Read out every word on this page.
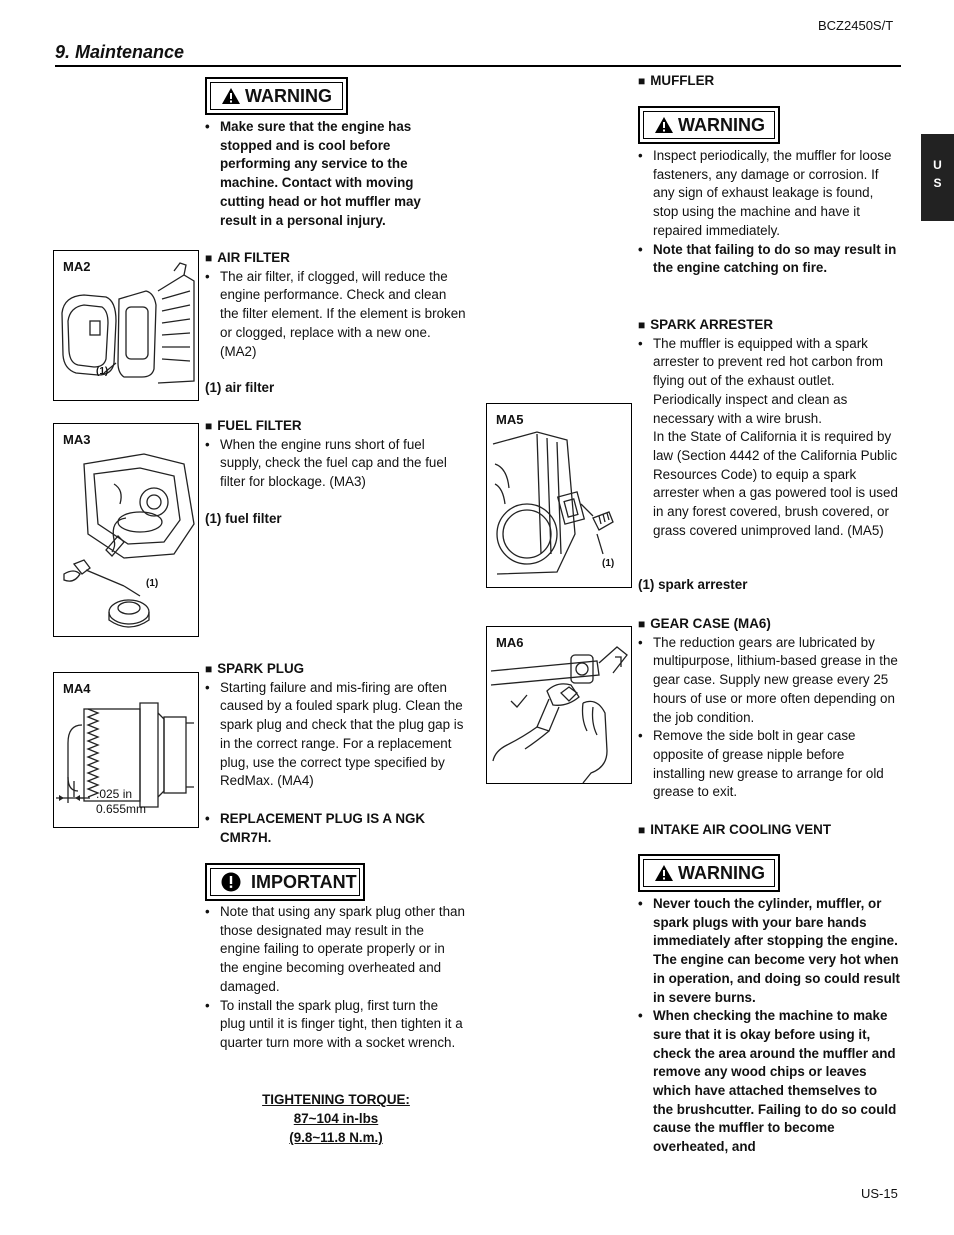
BCZ2450S/T
9. Maintenance
U
S
WARNING

• Make sure that the engine has stopped and is cool before performing any service to the machine. Contact with moving cutting head or hot muffler may result in a personal injury.

MA2
(1)

■ AIR FILTER

• The air filter, if clogged, will reduce the engine performance. Check and clean the filter element. If the element is broken or clogged, replace with a new one. (MA2)

(1) air filter
MA3
(1)

■ FUEL FILTER

• When the engine runs short of fuel supply, check the fuel cap and the fuel filter for blockage. (MA3)

(1) fuel filter
MA4
.025 in
0.655mm

■ SPARK PLUG

• Starting failure and mis-firing are often caused by a fouled spark plug. Clean the spark plug and check that the plug gap is in the correct range. For a replacement plug, use the correct type specified by RedMax. (MA4)

• REPLACEMENT PLUG IS A NGK CMR7H.

IMPORTANT

• Note that using any spark plug other than those designated may result in the engine failing to operate properly or in the engine becoming overheated and damaged.

• To install the spark plug, first turn the plug until it is finger tight, then tighten it a quarter turn more with a socket wrench.

TIGHTENING TORQUE:
87~104 in-lbs
(9.8~11.8 N.m.)

■ MUFFLER

WARNING

• Inspect periodically, the muffler for loose fasteners, any damage or corrosion. If any sign of exhaust leakage is found, stop using the machine and have it repaired immediately.

• Note that failing to do so may result in the engine catching on fire.

■ SPARK ARRESTER

• The muffler is equipped with a spark arrester to prevent red hot carbon from flying out of the exhaust outlet. Periodically inspect and clean as necessary with a wire brush.

In the State of California it is required by law (Section 4442 of the California Public Resources Code) to equip a spark arrester when a gas powered tool is used in any forest covered, brush covered, or grass covered unimproved land. (MA5)

(1) spark arrester
MA5
(1)
MA6

■ GEAR CASE (MA6)

• The reduction gears are lubricated by multipurpose, lithium-based grease in the gear case. Supply new grease every 25 hours of use or more often depending on the job condition.

• Remove the side bolt in gear case opposite of grease nipple before installing new grease to arrange for old grease to exit.

■ INTAKE AIR COOLING VENT

WARNING

• Never touch the cylinder, muffler, or spark plugs with your bare hands immediately after stopping the engine. The engine can become very hot when in operation, and doing so could result in severe burns.

• When checking the machine to make sure that it is okay before using it, check the area around the muffler and remove any wood chips or leaves which have attached themselves to the brushcutter. Failing to do so could cause the muffler to become overheated, and

US-15
